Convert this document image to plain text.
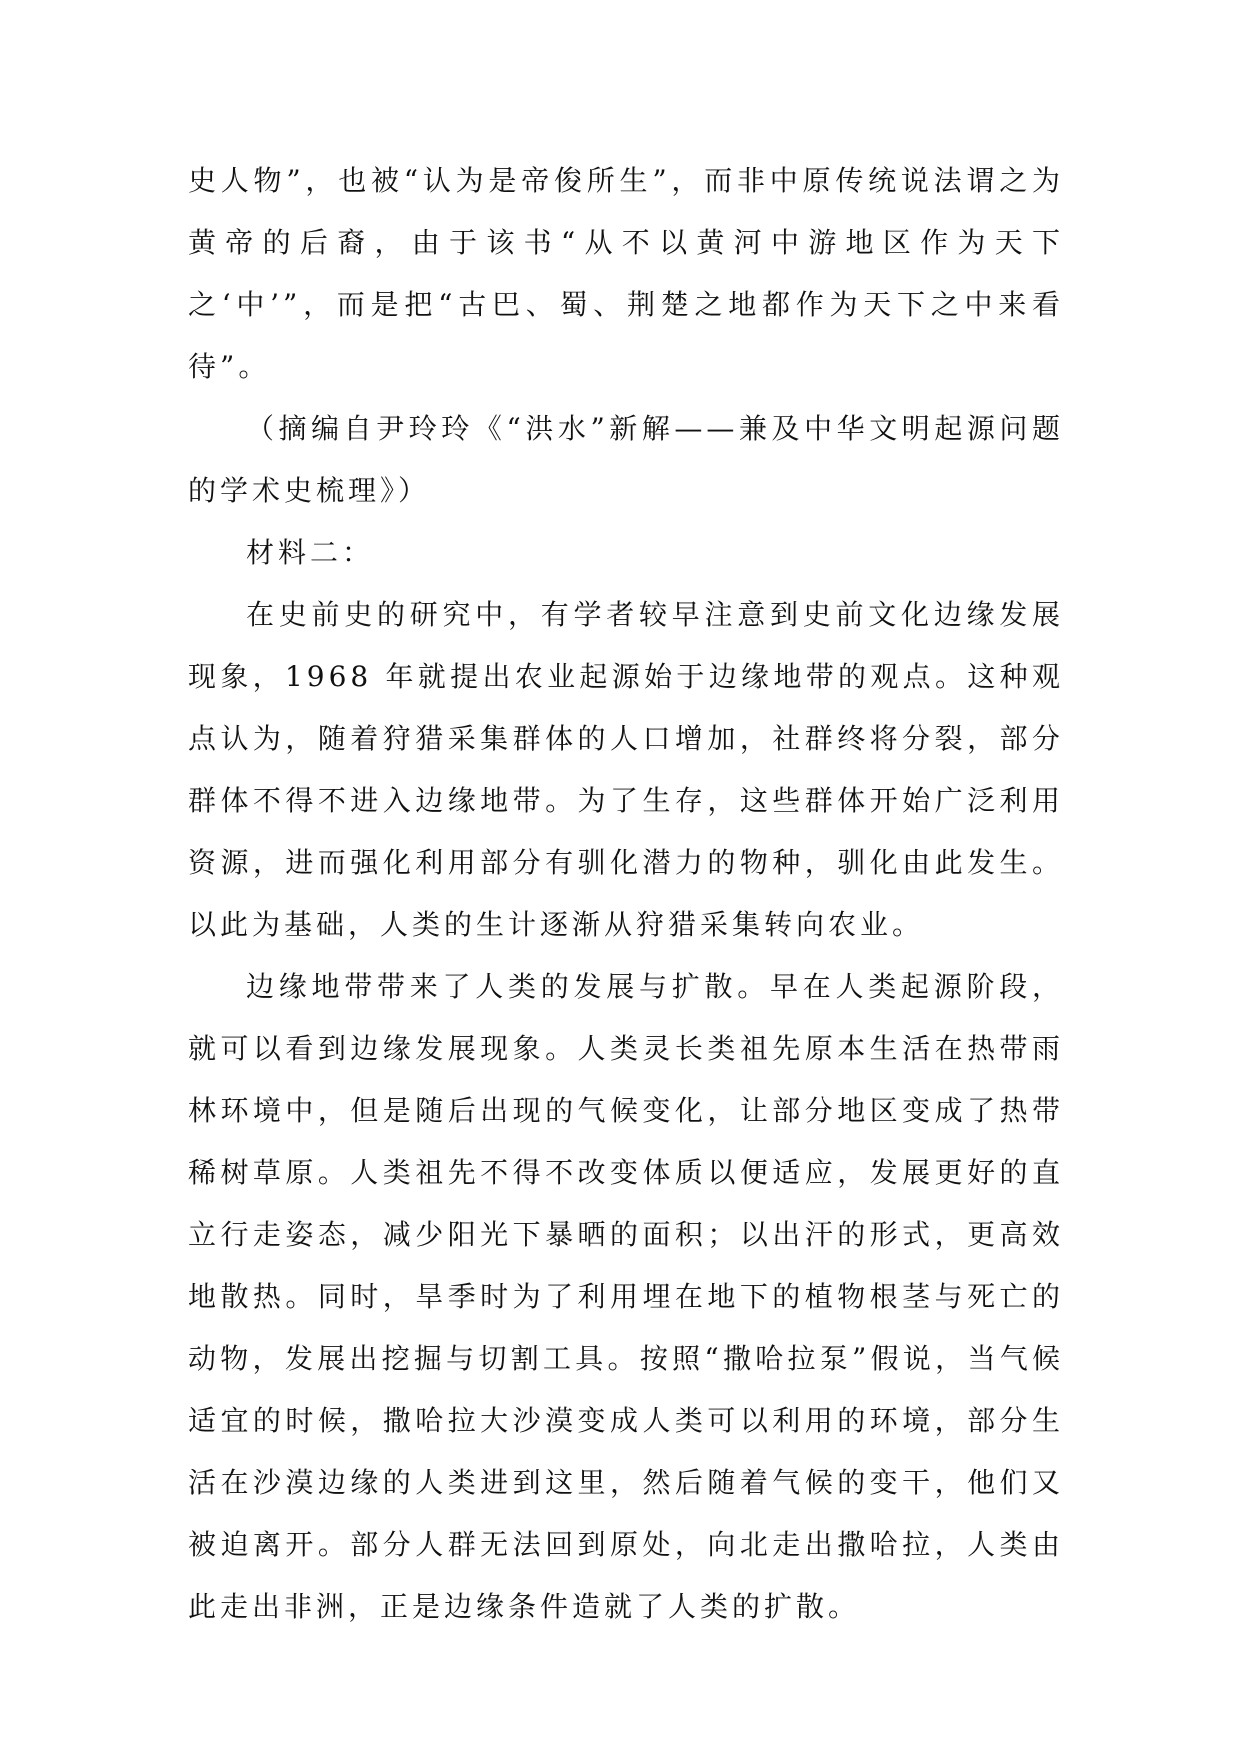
史人物”，也被“认为是帝俊所生”，而非中原传统说法谓之为黄帝的后裔，由于该书“从不以黄河中游地区作为天下之‘中’”，而是把“古巴、蜀、荆楚之地都作为天下之中来看待”。

（摘编自尹玲玲《“洪水”新解——兼及中华文明起源问题的学术史梳理》）

材料二：

在史前史的研究中，有学者较早注意到史前文化边缘发展现象，1968 年就提出农业起源始于边缘地带的观点。这种观点认为，随着狩猎采集群体的人口增加，社群终将分裂，部分群体不得不进入边缘地带。为了生存，这些群体开始广泛利用资源，进而强化利用部分有驯化潜力的物种，驯化由此发生。以此为基础，人类的生计逐渐从狩猎采集转向农业。

边缘地带带来了人类的发展与扩散。早在人类起源阶段，就可以看到边缘发展现象。人类灵长类祖先原本生活在热带雨林环境中，但是随后出现的气候变化，让部分地区变成了热带稀树草原。人类祖先不得不改变体质以便适应，发展更好的直立行走姿态，减少阳光下暴晒的面积；以出汗的形式，更高效地散热。同时，旱季时为了利用埋在地下的植物根茎与死亡的动物，发展出挖掘与切割工具。按照“撒哈拉泵”假说，当气候适宜的时候，撒哈拉大沙漠变成人类可以利用的环境，部分生活在沙漠边缘的人类进到这里，然后随着气候的变干，他们又被迫离开。部分人群无法回到原处，向北走出撒哈拉，人类由此走出非洲，正是边缘条件造就了人类的扩散。
